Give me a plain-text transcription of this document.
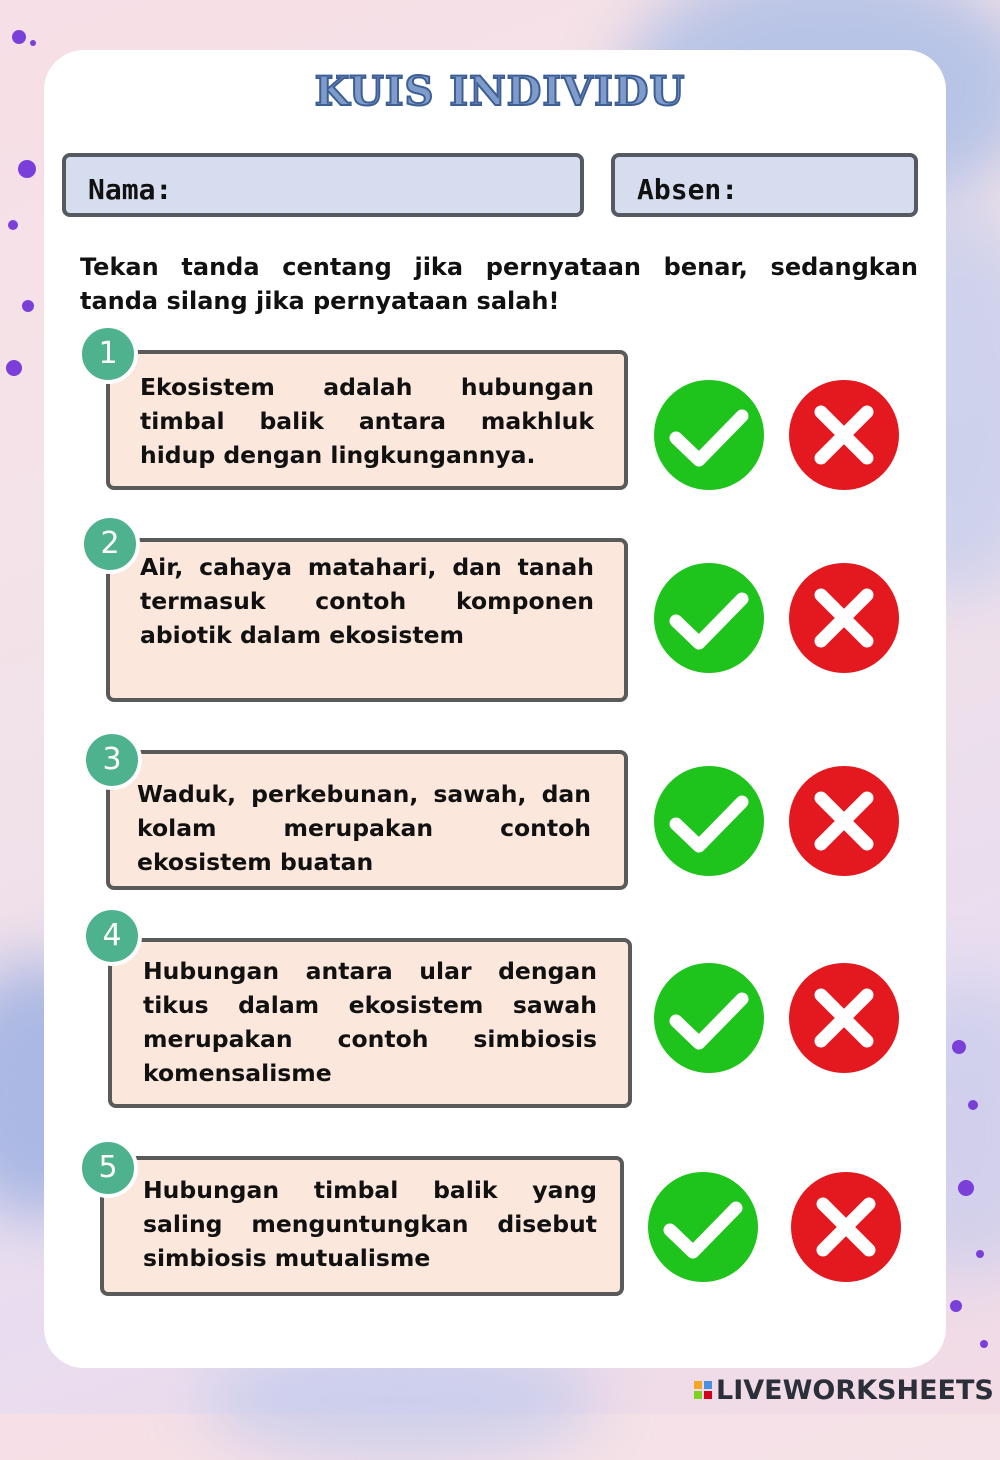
KUIS INDIVIDU
Nama:	Absen:
Tekan tanda centang jika pernyataan benar, sedangkan tanda silang jika pernyataan salah!

Ekosistem adalah hubungan timbal balik antara makhluk hidup dengan lingkungannya.

1

Air, cahaya matahari, dan tanah termasuk contoh komponen abiotik dalam ekosistem

2

Waduk, perkebunan, sawah, dan kolam merupakan contoh ekosistem buatan

3

Hubungan antara ular dengan tikus dalam ekosistem sawah merupakan contoh simbiosis komensalisme

4

Hubungan timbal balik yang saling menguntungkan disebut simbiosis mutualisme

5
LIVEWORKSHEETS
